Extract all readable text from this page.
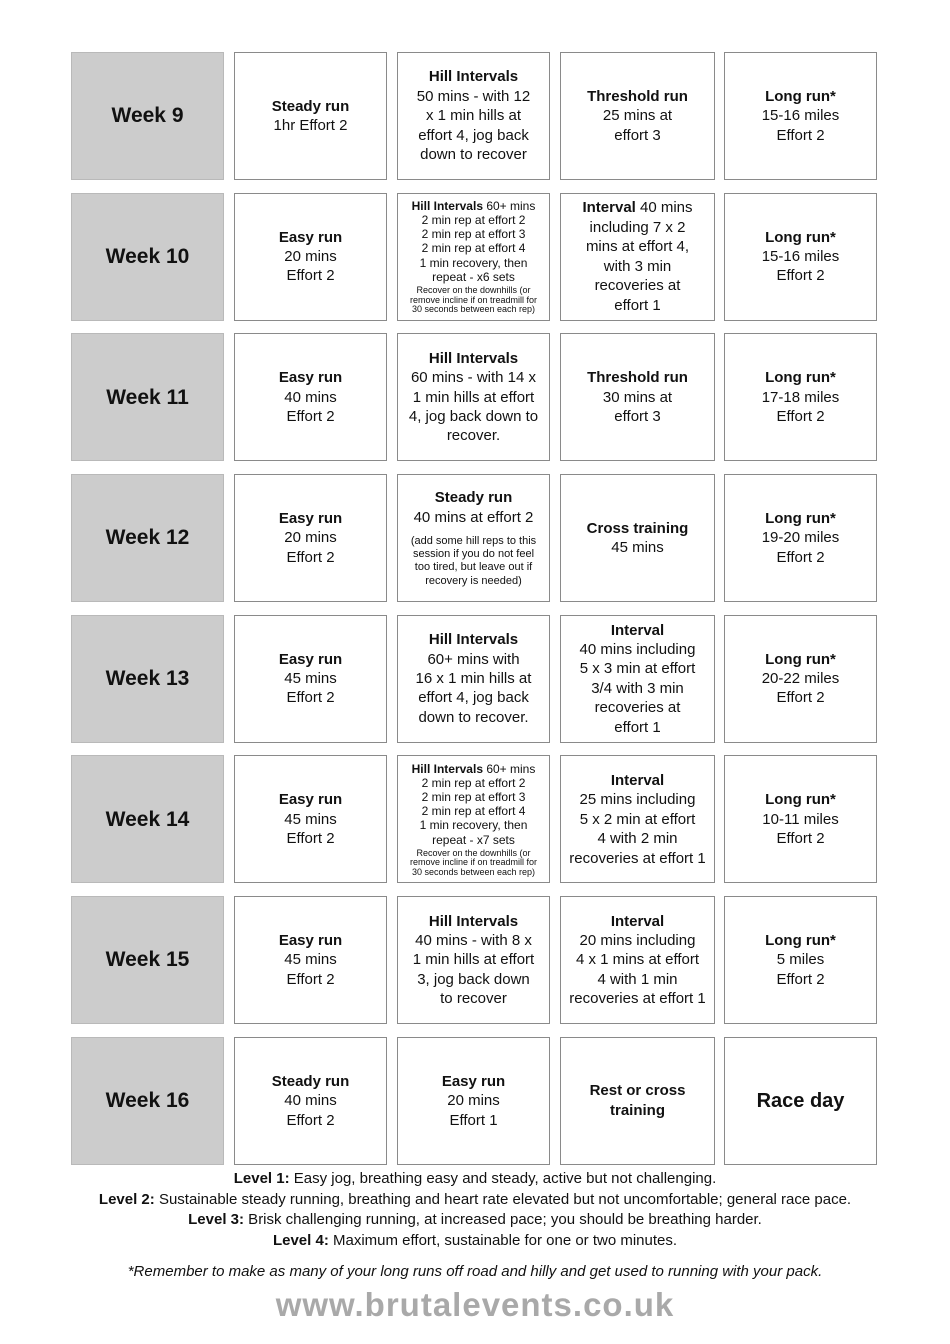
Week 9	Steady run
1hr Effort 2
Hill Intervals
50 mins - with 12
x 1 min hills at
effort 4, jog back
down to recover
Threshold run
25 mins at
effort 3
Long run*
15-16 miles
Effort 2
Week 10
Easy run
20 mins
Effort 2
Hill Intervals 60+ mins
2 min rep at effort 2
2 min rep at effort 3
2 min rep at effort 4
1 min recovery, then
repeat - x6 sets
Recover on the downhills (or
remove incline if on treadmill for
30 seconds between each rep)
Interval 40 mins
including 7 x 2
mins at effort 4,
with 3 min
recoveries at
effort 1
Long run*
15-16 miles
Effort 2
Week 11
Easy run
40 mins
Effort 2
Hill Intervals
60 mins - with 14 x
1 min hills at effort
4, jog back down to
recover.
Threshold run
30 mins at
effort 3
Long run*
17-18 miles
Effort 2
Week 12
Easy run
20 mins
Effort 2
Steady run
40 mins at effort 2
(add some hill reps to this
session if you do not feel
too tired, but leave out if
recovery is needed)
Cross training
45 mins
Long run*
19-20 miles
Effort 2
Week 13
Easy run
45 mins
Effort 2
Hill Intervals
60+ mins with
16 x 1 min hills at
effort 4, jog back
down to recover.
Interval
40 mins including
5 x 3 min at effort
3/4 with 3 min
recoveries at
effort 1
Long run*
20-22 miles
Effort 2
Week 14
Easy run
45 mins
Effort 2
Hill Intervals 60+ mins
2 min rep at effort 2
2 min rep at effort 3
2 min rep at effort 4
1 min recovery, then
repeat - x7 sets
Recover on the downhills (or
remove incline if on treadmill for
30 seconds between each rep)
Interval
25 mins including
5 x 2 min at effort
4 with 2 min
recoveries at effort 1
Long run*
10-11 miles
Effort 2
Week 15
Easy run
45 mins
Effort 2
Hill Intervals
40 mins - with 8 x
1 min hills at effort
3, jog back down
to recover
Interval
20 mins including
4 x 1 mins at effort
4 with 1 min
recoveries at effort 1
Long run*
5 miles
Effort 2
Week 16
Steady run
40 mins
Effort 2
Easy run
20 mins
Effort 1
Rest or cross training	Race day
Level 1: Easy jog, breathing easy and steady, active but not challenging.
Level 2: Sustainable steady running, breathing and heart rate elevated but not uncomfortable; general race pace.
Level 3: Brisk challenging running, at increased pace; you should be breathing harder.
Level 4: Maximum effort, sustainable for one or two minutes.
*Remember to make as many of your long runs off road and hilly and get used to running with your pack.
www.brutalevents.co.uk
